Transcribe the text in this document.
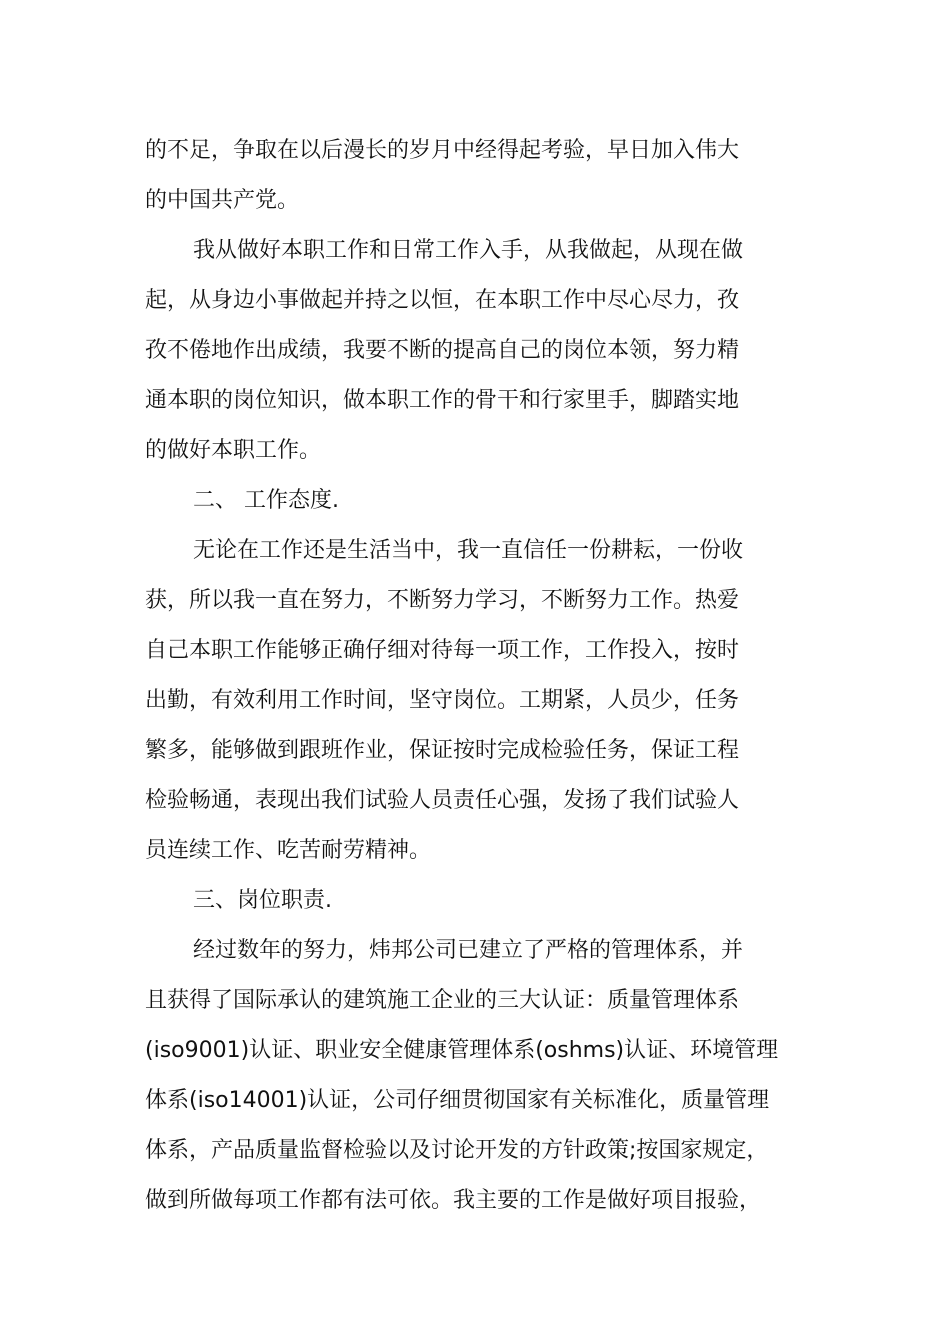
的不足，争取在以后漫长的岁月中经得起考验，早日加入伟大
的中国共产党。
我从做好本职工作和日常工作入手，从我做起，从现在做
起，从身边小事做起并持之以恒，在本职工作中尽心尽力，孜
孜不倦地作出成绩，我要不断的提高自己的岗位本领，努力精
通本职的岗位知识，做本职工作的骨干和行家里手，脚踏实地
的做好本职工作。
二、 工作态度.
无论在工作还是生活当中，我一直信任一份耕耘，一份收
获，所以我一直在努力，不断努力学习，不断努力工作。热爱
自己本职工作能够正确仔细对待每一项工作，工作投入，按时
出勤，有效利用工作时间，坚守岗位。工期紧，人员少，任务
繁多，能够做到跟班作业，保证按时完成检验任务，保证工程
检验畅通，表现出我们试验人员责任心强，发扬了我们试验人
员连续工作、吃苦耐劳精神。
三、岗位职责.
经过数年的努力，炜邦公司已建立了严格的管理体系，并
且获得了国际承认的建筑施工企业的三大认证：质量管理体系
(iso9001)认证、职业安全健康管理体系(oshms)认证、环境管理
体系(iso14001)认证，公司仔细贯彻国家有关标准化，质量管理
体系，产品质量监督检验以及讨论开发的方针政策;按国家规定，
做到所做每项工作都有法可依。我主要的工作是做好项目报验，
